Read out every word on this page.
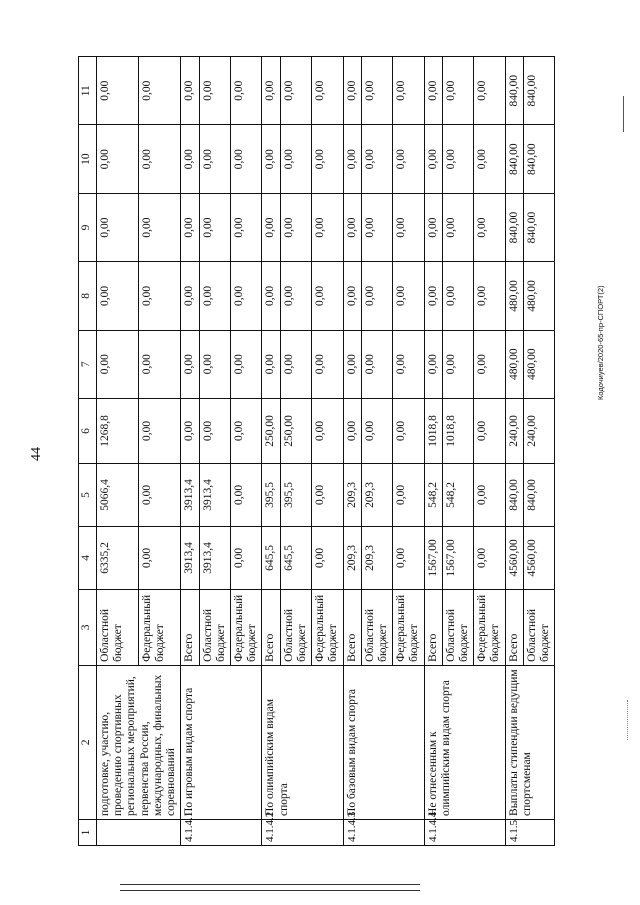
44
1	2	3	4	5	6	7	8	9	10	11
	подготовке, участию, проведению спортивных региональных мероприятий, первенства России, международных, финальных соревнований	Областной бюджет	6335,2	5066,4	1268,8	0,00	0,00	0,00	0,00	0,00
		Федеральный бюджет	0,00	0,00	0,00	0,00	0,00	0,00	0,00	0,00
4.1.4.1	По игровым видам спорта	Всего	3913,4	3913,4	0,00	0,00	0,00	0,00	0,00	0,00
		Областной бюджет	3913,4	3913,4	0,00	0,00	0,00	0,00	0,00	0,00
		Федеральный бюджет	0,00	0,00	0,00	0,00	0,00	0,00	0,00	0,00
4.1.4.2	По олимпийским видам спорта	Всего	645,5	395,5	250,00	0,00	0,00	0,00	0,00	0,00
		Областной бюджет	645,5	395,5	250,00	0,00	0,00	0,00	0,00	0,00
		Федеральный бюджет	0,00	0,00	0,00	0,00	0,00	0,00	0,00	0,00
4.1.4.3	По базовым видам спорта	Всего	209,3	209,3	0,00	0,00	0,00	0,00	0,00	0,00
		Областной бюджет	209,3	209,3	0,00	0,00	0,00	0,00	0,00	0,00
		Федеральный бюджет	0,00	0,00	0,00	0,00	0,00	0,00	0,00	0,00
4.1.4.4	Не отнесенным к олимпийским видам спорта	Всего	1567,00	548,2	1018,8	0,00	0,00	0,00	0,00	0,00
		Областной бюджет	1567,00	548,2	1018,8	0,00	0,00	0,00	0,00	0,00
		Федеральный бюджет	0,00	0,00	0,00	0,00	0,00	0,00	0,00	0,00
4.1.5	Выплаты стипендии ведущим спортсменам	Всего	4560,00	840,00	240,00	480,00	480,00	840,00	840,00	840,00
		Областной бюджет	4560,00	840,00	240,00	480,00	480,00	840,00	840,00	840,00
Кодочиуев/2020-65-пр-СПОРТ(2)
